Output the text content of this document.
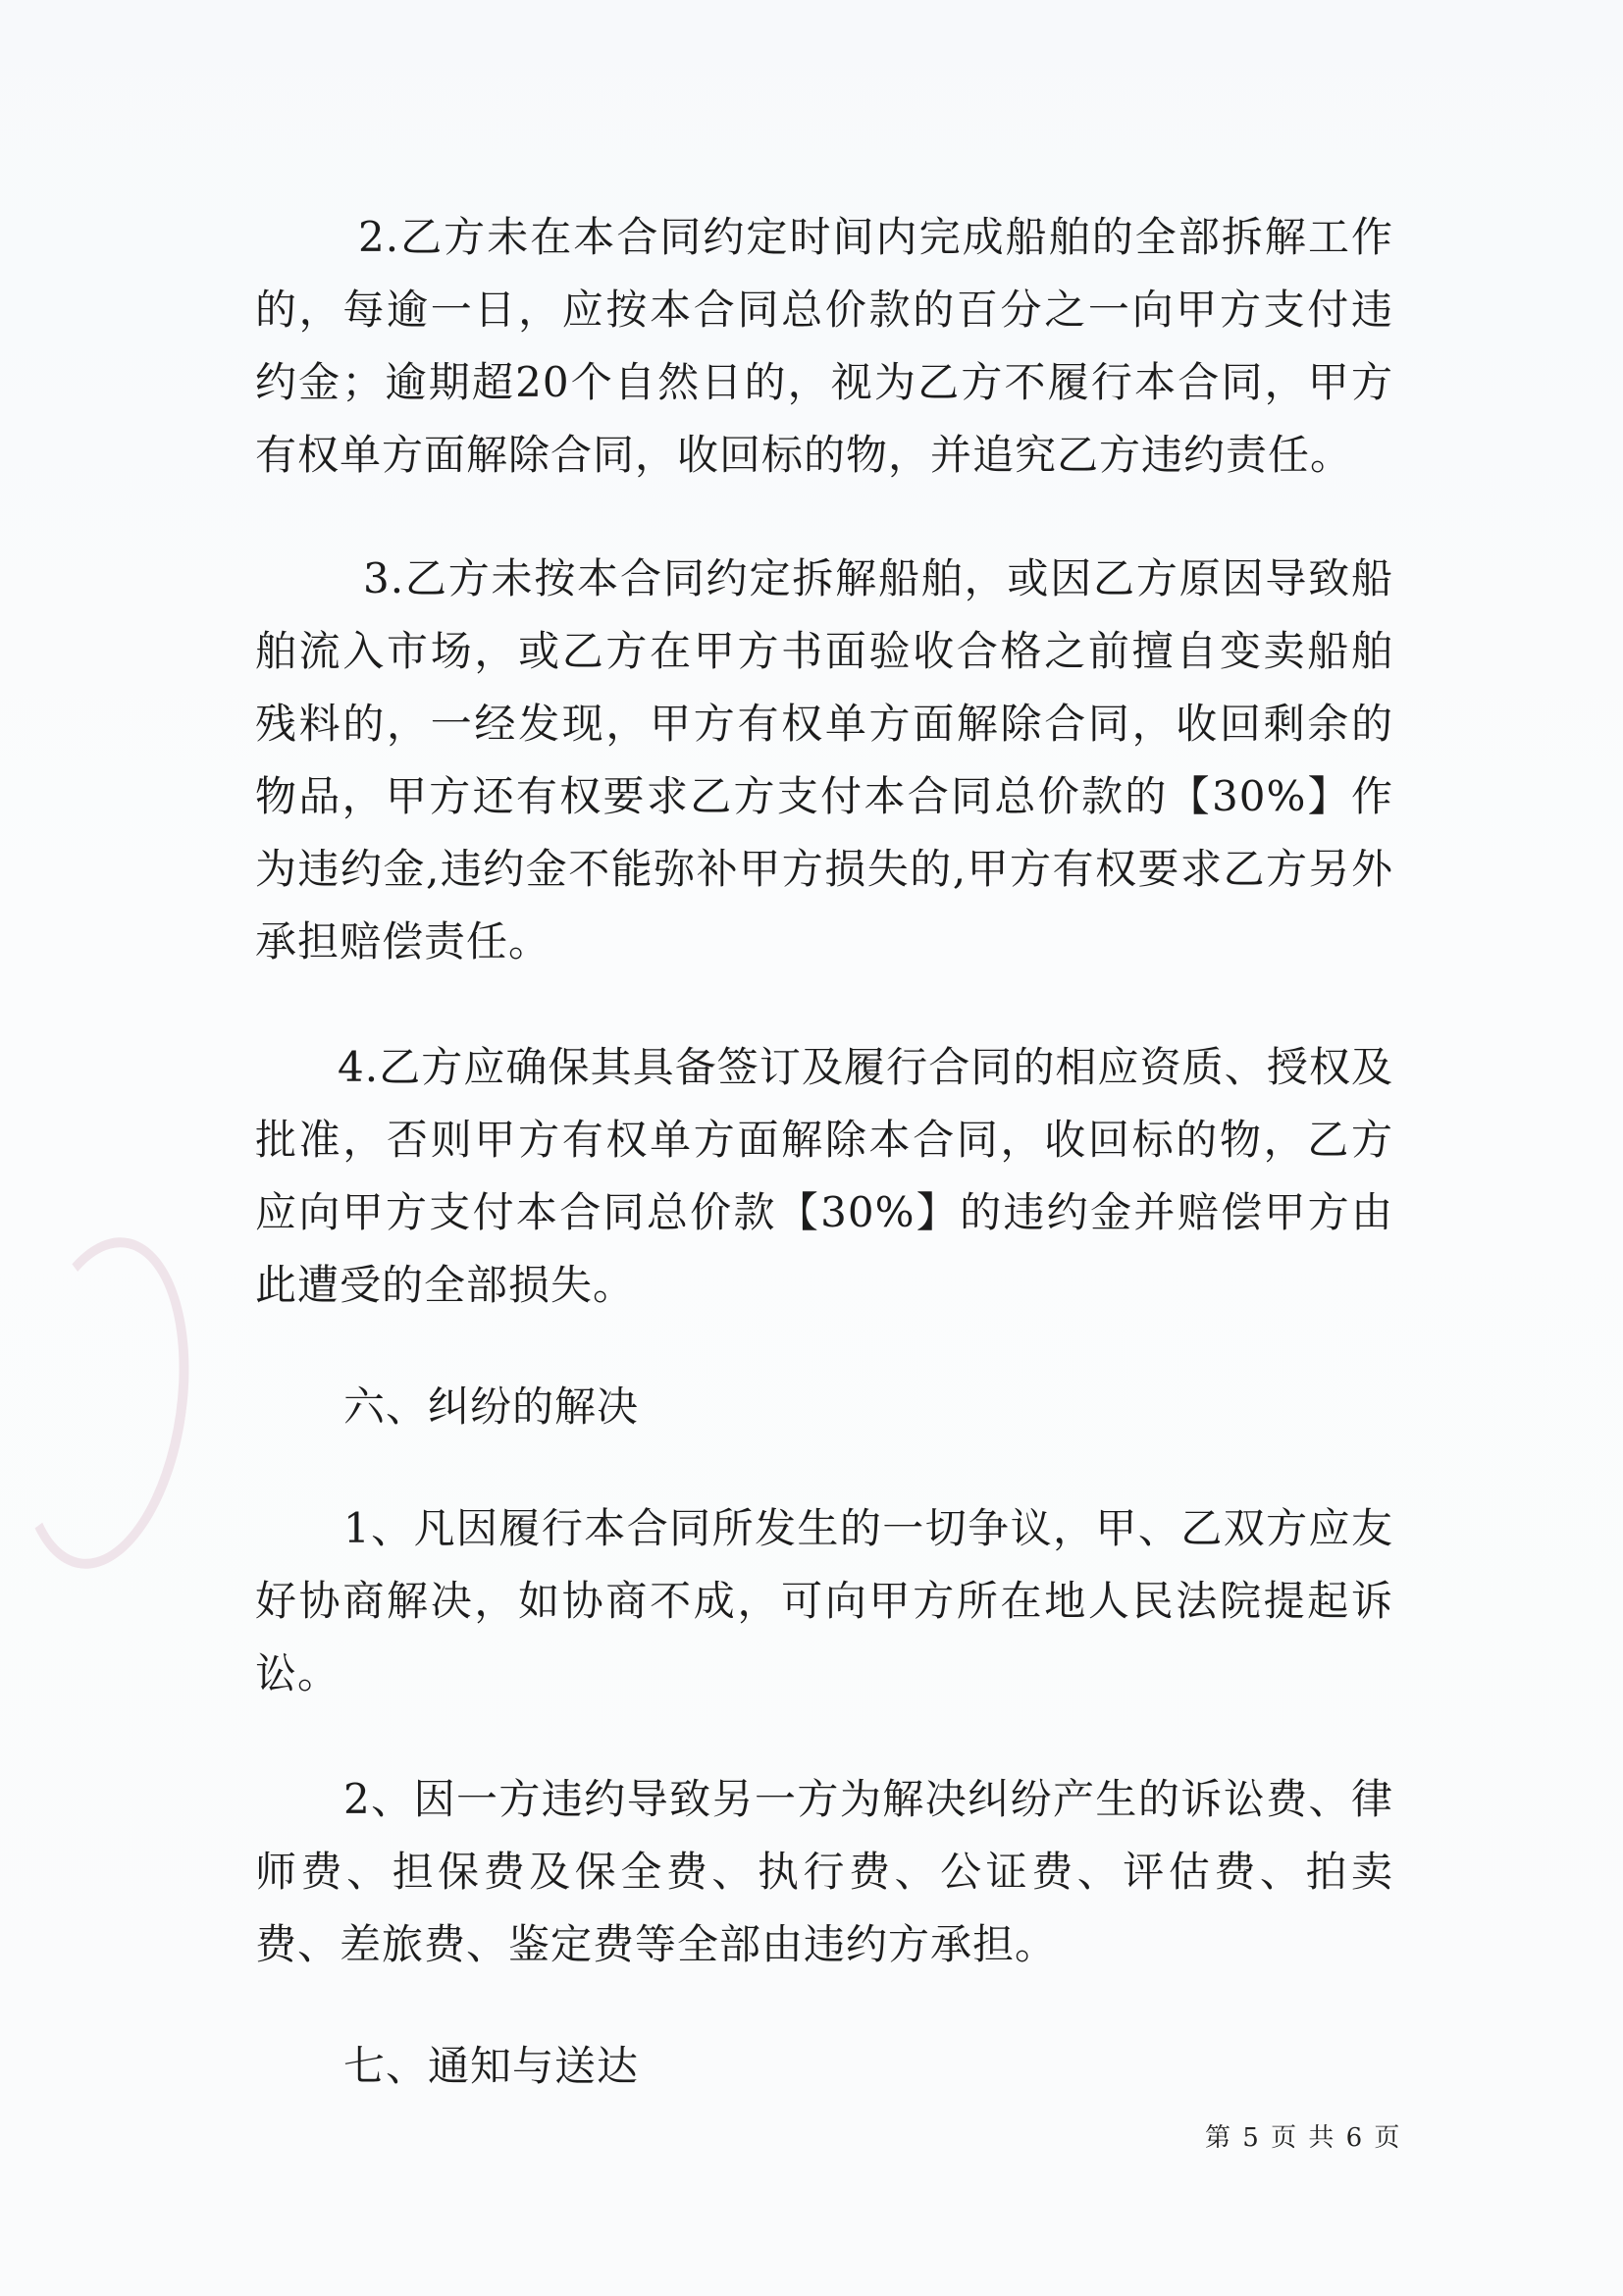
2.乙方未在本合同约定时间内完成船舶的全部拆解工作的，每逾一日，应按本合同总价款的百分之一向甲方支付违约金；逾期超20个自然日的，视为乙方不履行本合同，甲方有权单方面解除合同，收回标的物，并追究乙方违约责任。

3.乙方未按本合同约定拆解船舶，或因乙方原因导致船舶流入市场，或乙方在甲方书面验收合格之前擅自变卖船舶残料的，一经发现，甲方有权单方面解除合同，收回剩余的物品，甲方还有权要求乙方支付本合同总价款的【30%】作为违约金,违约金不能弥补甲方损失的,甲方有权要求乙方另外承担赔偿责任。

4.乙方应确保其具备签订及履行合同的相应资质、授权及批准，否则甲方有权单方面解除本合同，收回标的物，乙方应向甲方支付本合同总价款【30%】的违约金并赔偿甲方由此遭受的全部损失。

六、纠纷的解决

1、凡因履行本合同所发生的一切争议，甲、乙双方应友好协商解决，如协商不成，可向甲方所在地人民法院提起诉讼。

2、因一方违约导致另一方为解决纠纷产生的诉讼费、律师费、担保费及保全费、执行费、公证费、评估费、拍卖费、差旅费、鉴定费等全部由违约方承担。

七、通知与送达

第 5 页 共 6 页
